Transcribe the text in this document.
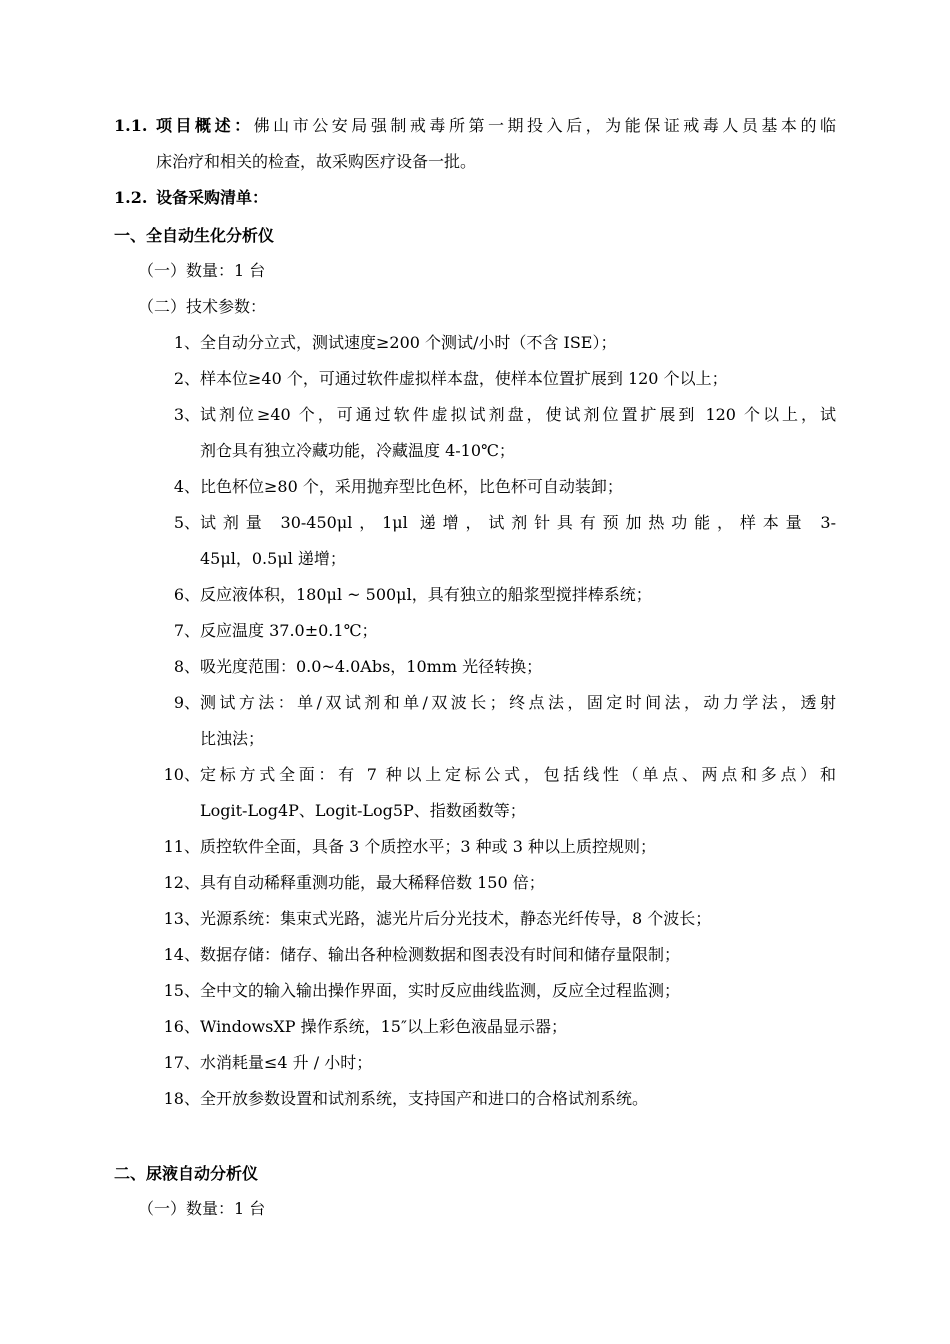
1.1. 项目概述：佛山市公安局强制戒毒所第一期投入后，为能保证戒毒人员基本的临
床治疗和相关的检查，故采购医疗设备一批。
1.2. 设备采购清单：
一、全自动生化分析仪
（一）数量：1 台
（二）技术参数：
1、 全自动分立式，测试速度≥200 个测试/小时（不含 ISE）；
2、 样本位≥40 个，可通过软件虚拟样本盘，使样本位置扩展到 120 个以上；
3、 试剂位≥40 个，可通过软件虚拟试剂盘，使试剂位置扩展到 120 个以上，试
剂仓具有独立冷藏功能，冷藏温度 4-10℃；
4、 比色杯位≥80 个，采用抛弃型比色杯，比色杯可自动装卸；
5、 试剂量 30-450μl，1μl 递增，试剂针具有预加热功能，样本量 3-
45μl，0.5μl 递增；
6、 反应液体积，180μl ~ 500μl，具有独立的船浆型搅拌棒系统；
7、 反应温度 37.0±0.1℃；
8、 吸光度范围：0.0~4.0Abs，10mm 光径转换；
9、 测试方法：单/双试剂和单/双波长；终点法，固定时间法，动力学法，透射
比浊法；
10、 定标方式全面：有 7 种以上定标公式，包括线性（单点、两点和多点）和
Logit-Log4P、Logit-Log5P、指数函数等；
11、 质控软件全面，具备 3 个质控水平；3 种或 3 种以上质控规则；
12、 具有自动稀释重测功能，最大稀释倍数 150 倍；
13、 光源系统：集束式光路，滤光片后分光技术，静态光纤传导，8 个波长；
14、 数据存储：储存、输出各种检测数据和图表没有时间和储存量限制；
15、 全中文的输入输出操作界面，实时反应曲线监测，反应全过程监测；
16、 WindowsXP 操作系统，15″以上彩色液晶显示器；
17、 水消耗量≤4 升 / 小时；
18、 全开放参数设置和试剂系统，支持国产和进口的合格试剂系统。
二、尿液自动分析仪
（一）数量：1 台
